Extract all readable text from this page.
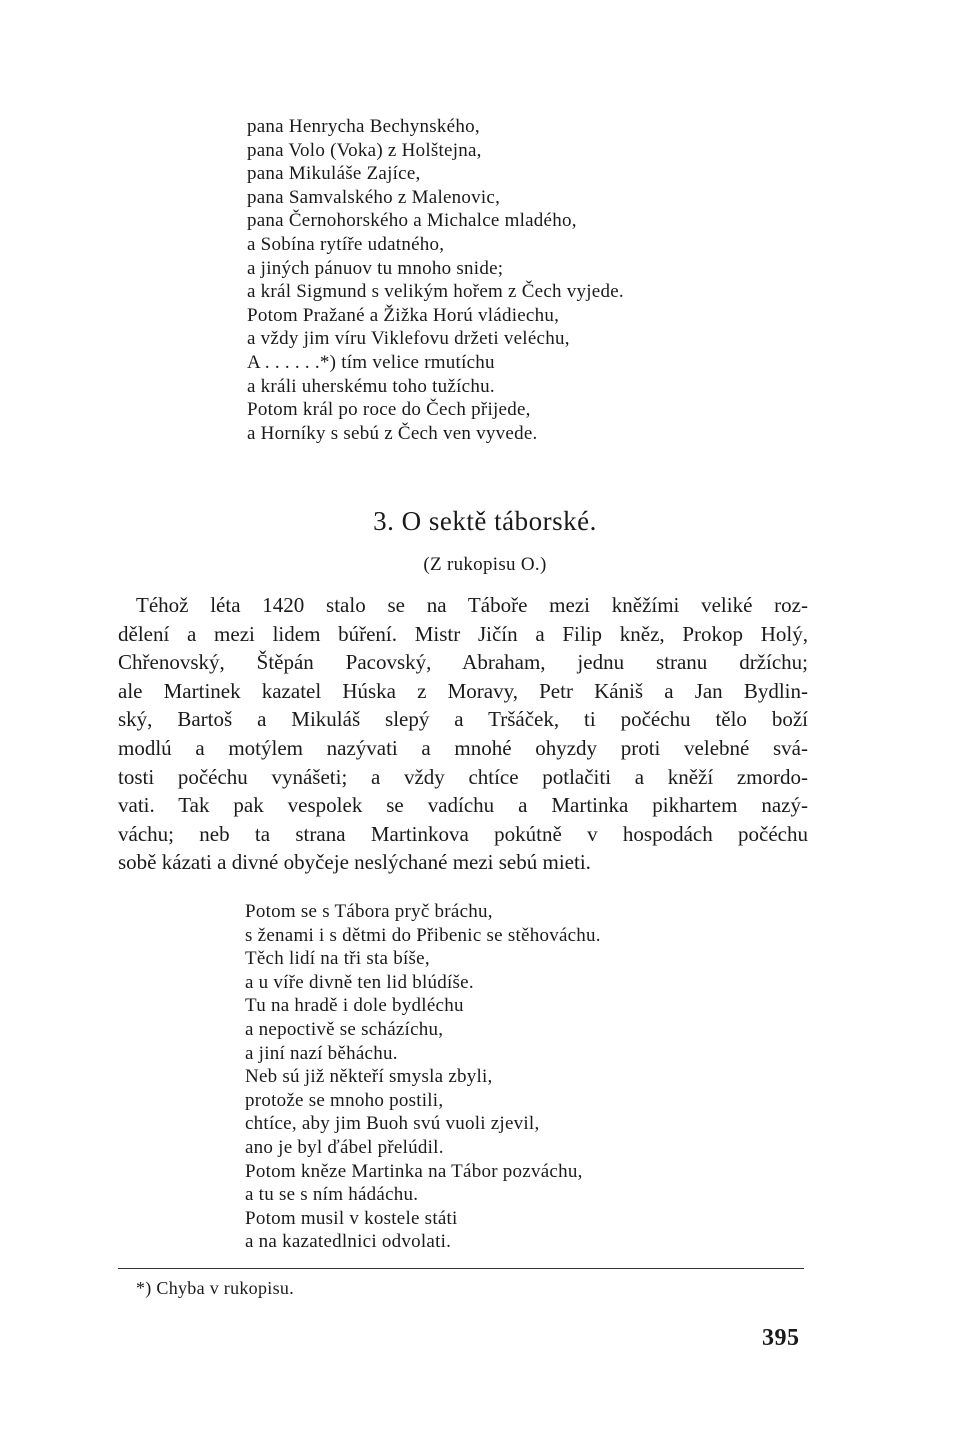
pana Henrycha Bechynského,
pana Volo (Voka) z Holštejna,
pana Mikuláše Zajíce,
pana Samvalského z Malenovic,
pana Černohorského a Michalce mladého,
a Sobína rytíře udatného,
a jiných pánuov tu mnoho snide;
a král Sigmund s velikým hořem z Čech vyjede.
Potom Pražané a Žižka Horú vládiechu,
a vždy jim víru Viklefovu držeti veléchu,
A . . . . . .*) tím velice rmutíchu
a králi uherskému toho tužíchu.
Potom král po roce do Čech přijede,
a Horníky s sebú z Čech ven vyvede.
3. O sektě táborské.
(Z rukopisu O.)
Téhož léta 1420 stalo se na Táboře mezi kněžími veliké roz-
dělení a mezi lidem búření. Mistr Jičín a Filip kněz, Prokop Holý,
Chřenovský, Štěpán Pacovský, Abraham, jednu stranu držíchu;
ale Martinek kazatel Húska z Moravy, Petr Kániš a Jan Bydlin-
ský, Bartoš a Mikuláš slepý a Tršáček, ti počéchu tělo boží
modlú a motýlem nazývati a mnohé ohyzdy proti velebné svá-
tosti počéchu vynášeti; a vždy chtíce potlačiti a kněží zmordo-
vati. Tak pak vespolek se vadíchu a Martinka pikhartem nazý-
váchu; neb ta strana Martinkova pokútně v hospodách počéchu
sobě kázati a divné obyčeje neslýchané mezi sebú mieti.
Potom se s Tábora pryč bráchu,
s ženami i s dětmi do Přibenic se stěhováchu.
Těch lidí na tři sta bíše,
a u víře divně ten lid blúdíše.
Tu na hradě i dole bydléchu
a nepoctivě se scházíchu,
a jiní nazí běháchu.
Neb sú již někteří smysla zbyli,
protože se mnoho postili,
chtíce, aby jim Buoh svú vuoli zjevil,
ano je byl ďábel přelúdil.
Potom kněze Martinka na Tábor pozváchu,
a tu se s ním hádáchu.
Potom musil v kostele státi
a na kazatedlnici odvolati.
*) Chyba v rukopisu.
395
